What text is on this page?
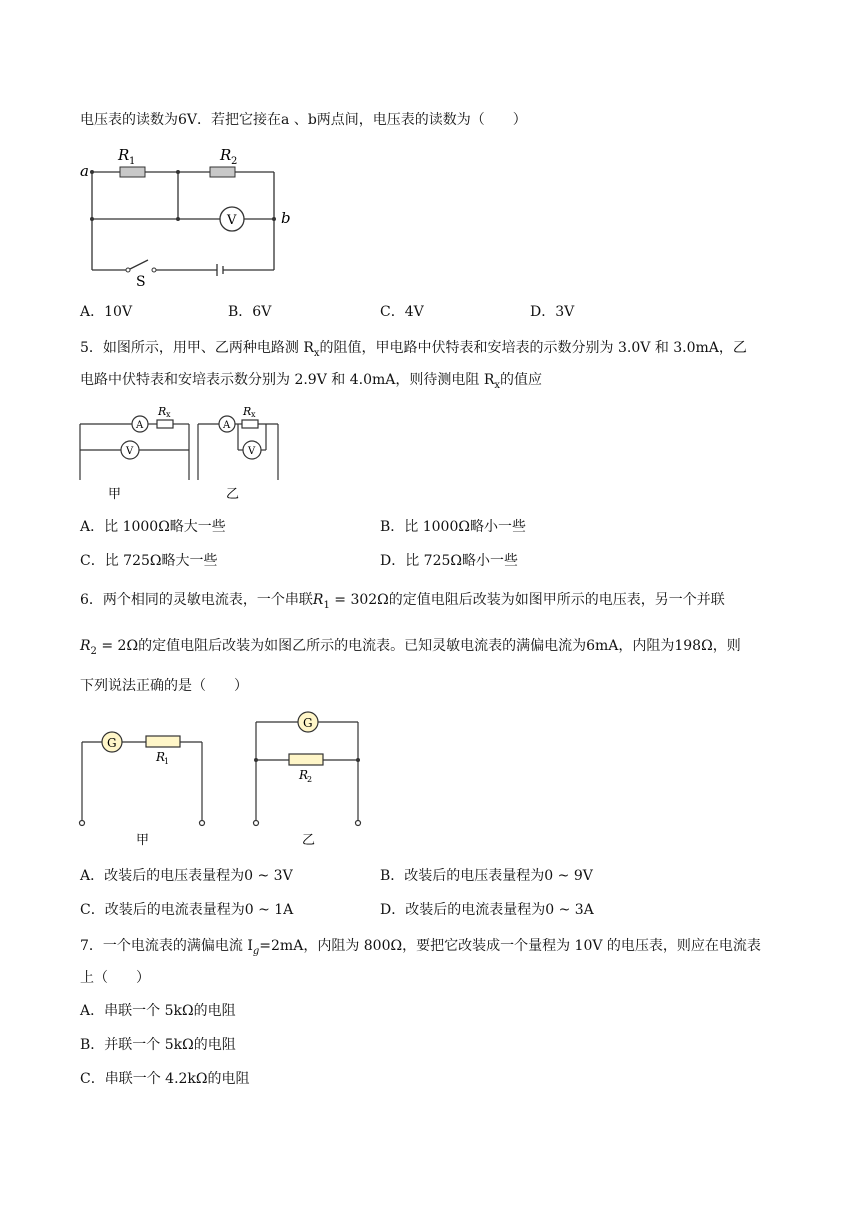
电压表的读数为6V．若把它接在a 、b两点间，电压表的读数为（　　）
a
b
R 1	R 2
V
S
A．10V	B．6V	C．4V	D．3V
5．如图所示，用甲、乙两种电路测 $R_x$的阻值，甲电路中伏特表和安培表的示数分别为 3.0V 和 3.0mA，乙
电路中伏特表和安培表示数分别为 2.9V 和 4.0mA，则待测电阻 $R_x$的值应
A
V
R x
A
V
R x
甲	乙
A．比 1000Ω略大一些	B．比 1000Ω略小一些
C．比 725Ω略大一些	D．比 725Ω略小一些
6．两个相同的灵敏电流表，一个串联$R_1 = 302\Omega$的定值电阻后改装为如图甲所示的电压表，另一个并联
$R_2 = 2\Omega$的定值电阻后改装为如图乙所示的电流表。已知灵敏电流表的满偏电流为6mA，内阻为198Ω，则
下列说法正确的是（　　）
G
G
R
1
R
2
甲	乙
A．改装后的电压表量程为0 ~ 3V	B．改装后的电压表量程为0 ~ 9V
C．改装后的电流表量程为0 ~ 1A	D．改装后的电流表量程为0 ~ 3A
7．一个电流表的满偏电流 $I_g=2mA$，内阻为 800Ω，要把它改装成一个量程为 10V 的电压表，则应在电流表
上（　　）
A．串联一个 5kΩ的电阻
B．并联一个 5kΩ的电阻
C．串联一个 4.2kΩ的电阻
